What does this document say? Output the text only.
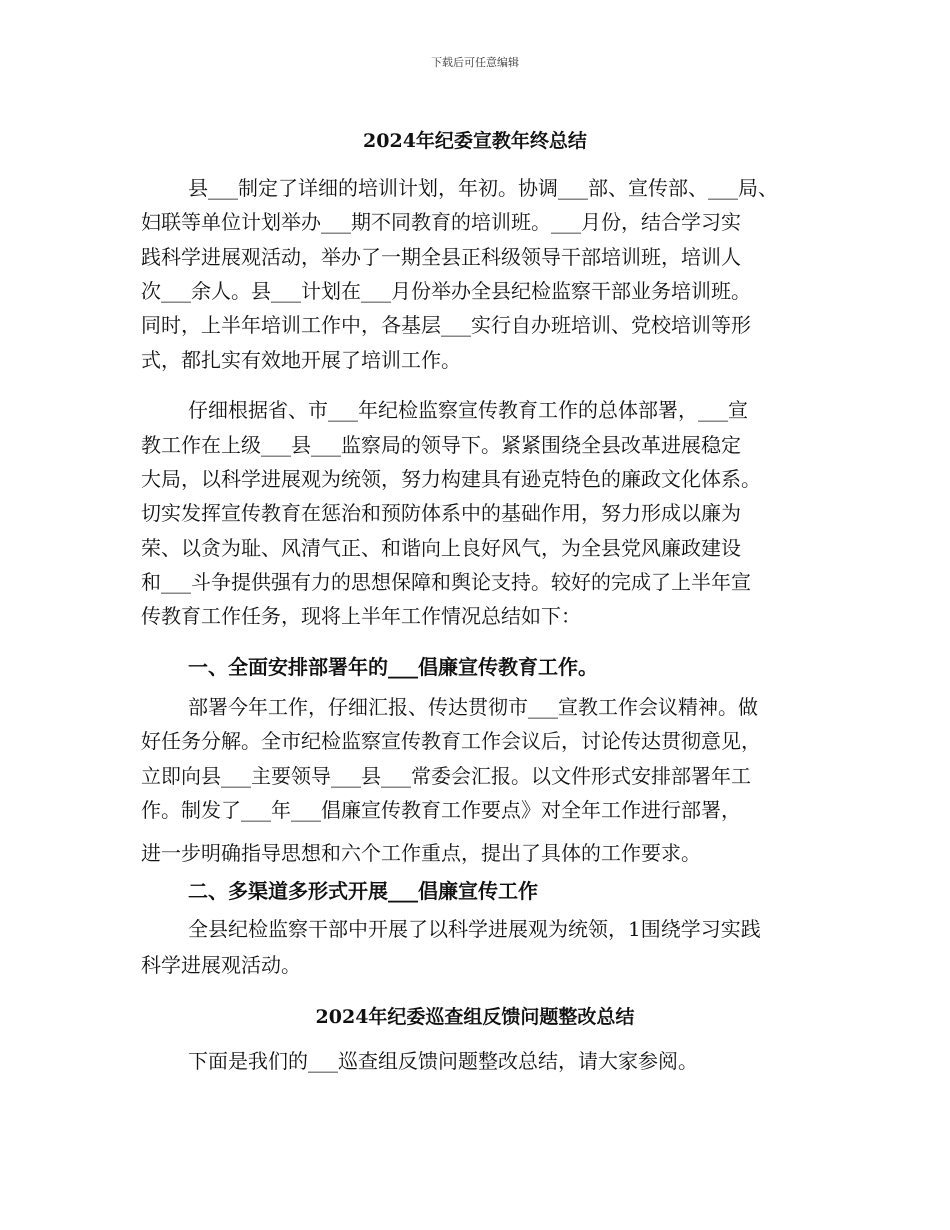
下载后可任意编辑
2024年纪委宣教年终总结

县___制定了详细的培训计划，年初。协调___部、宣传部、___局、

妇联等单位计划举办___期不同教育的培训班。___月份，结合学习实

践科学进展观活动，举办了一期全县正科级领导干部培训班，培训人

次___余人。县___计划在___月份举办全县纪检监察干部业务培训班。

同时，上半年培训工作中，各基层___实行自办班培训、党校培训等形

式，都扎实有效地开展了培训工作。

仔细根据省、市___年纪检监察宣传教育工作的总体部署，___宣

教工作在上级___县___监察局的领导下。紧紧围绕全县改革进展稳定

大局，以科学进展观为统领，努力构建具有逊克特色的廉政文化体系。

切实发挥宣传教育在惩治和预防体系中的基础作用，努力形成以廉为

荣、以贪为耻、风清气正、和谐向上良好风气，为全县党风廉政建设

和___斗争提供强有力的思想保障和舆论支持。较好的完成了上半年宣

传教育工作任务，现将上半年工作情况总结如下：

一、全面安排部署年的___倡廉宣传教育工作。

部署今年工作，仔细汇报、传达贯彻市___宣教工作会议精神。做

好任务分解。全市纪检监察宣传教育工作会议后，讨论传达贯彻意见，

立即向县___主要领导___县___常委会汇报。以文件形式安排部署年工

作。制发了___年___倡廉宣传教育工作要点》对全年工作进行部署，

进一步明确指导思想和六个工作重点，提出了具体的工作要求。

二、多渠道多形式开展___倡廉宣传工作

全县纪检监察干部中开展了以科学进展观为统领，1围绕学习实践

科学进展观活动。

2024年纪委巡查组反馈问题整改总结

下面是我们的___巡查组反馈问题整改总结，请大家参阅。
